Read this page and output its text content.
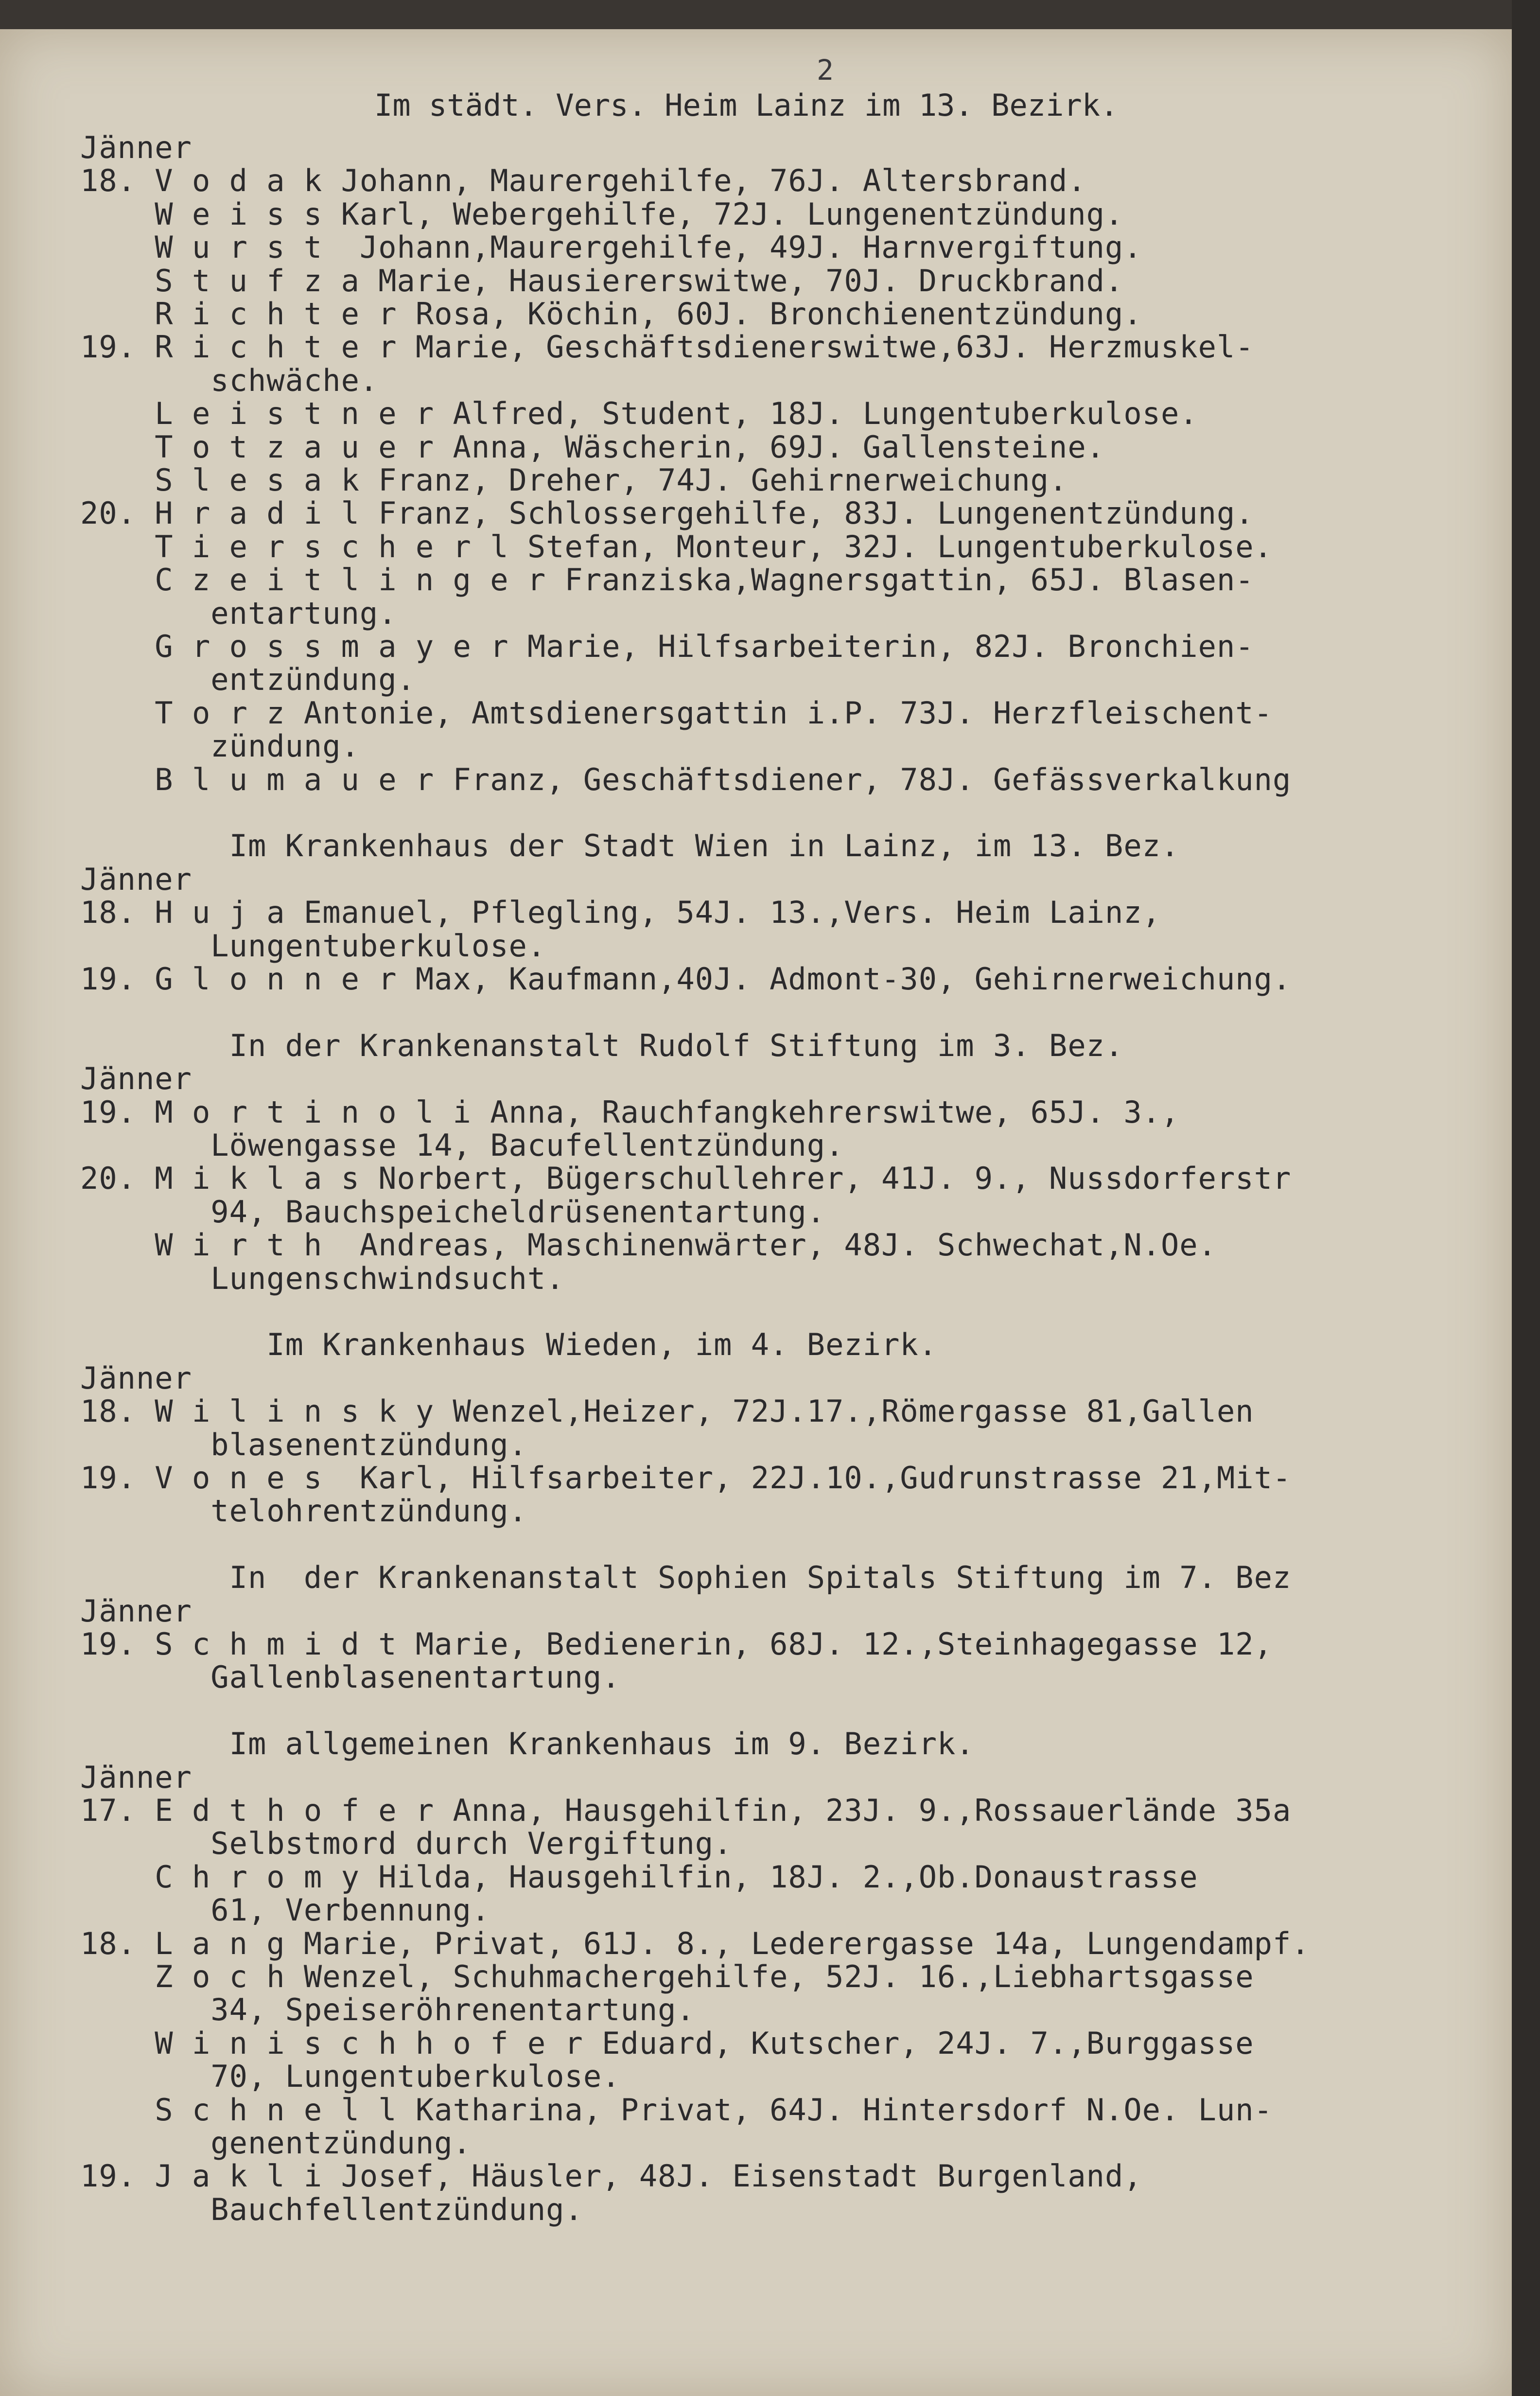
2
Im städt. Vers. Heim Lainz im 13. Bezirk.
Jänner
18. V o d a k Johann, Maurergehilfe, 76J. Altersbrand.
W e i s s Karl, Webergehilfe, 72J. Lungenentzündung.
W u r s t  Johann,Maurergehilfe, 49J. Harnvergiftung.
S t u f z a Marie, Hausiererswitwe, 70J. Druckbrand.
R i c h t e r Rosa, Köchin, 60J. Bronchienentzündung.
19. R i c h t e r Marie, Geschäftsdienerswitwe,63J. Herzmuskel-
schwäche.
L e i s t n e r Alfred, Student, 18J. Lungentuberkulose.
T o t z a u e r Anna, Wäscherin, 69J. Gallensteine.
S l e s a k Franz, Dreher, 74J. Gehirnerweichung.
20. H r a d i l Franz, Schlossergehilfe, 83J. Lungenentzündung.
T i e r s c h e r l Stefan, Monteur, 32J. Lungentuberkulose.
C z e i t l i n g e r Franziska,Wagnersgattin, 65J. Blasen-
entartung.
G r o s s m a y e r Marie, Hilfsarbeiterin, 82J. Bronchien-
entzündung.
T o r z Antonie, Amtsdienersgattin i.P. 73J. Herzfleischent-
zündung.
B l u m a u e r Franz, Geschäftsdiener, 78J. Gefässverkalkung
Im Krankenhaus der Stadt Wien in Lainz, im 13. Bez.
Jänner
18. H u j a Emanuel, Pflegling, 54J. 13.,Vers. Heim Lainz,
Lungentuberkulose.
19. G l o n n e r Max, Kaufmann,40J. Admont-30, Gehirnerweichung.
In der Krankenanstalt Rudolf Stiftung im 3. Bez.
Jänner
19. M o r t i n o l i Anna, Rauchfangkehrerswitwe, 65J. 3.,
Löwengasse 14, Bacufellentzündung.
20. M i k l a s Norbert, Bügerschullehrer, 41J. 9., Nussdorferstr
94, Bauchspeicheldrüsenentartung.
W i r t h  Andreas, Maschinenwärter, 48J. Schwechat,N.Oe.
Lungenschwindsucht.
Im Krankenhaus Wieden, im 4. Bezirk.
Jänner
18. W i l i n s k y Wenzel,Heizer, 72J.17.,Römergasse 81,Gallen
blasenentzündung.
19. V o n e s  Karl, Hilfsarbeiter, 22J.10.,Gudrunstrasse 21,Mit-
telohrentzündung.
In  der Krankenanstalt Sophien Spitals Stiftung im 7. Bez
Jänner
19. S c h m i d t Marie, Bedienerin, 68J. 12.,Steinhagegasse 12,
Gallenblasenentartung.
Im allgemeinen Krankenhaus im 9. Bezirk.
Jänner
17. E d t h o f e r Anna, Hausgehilfin, 23J. 9.,Rossauerlände 35a
Selbstmord durch Vergiftung.
C h r o m y Hilda, Hausgehilfin, 18J. 2.,Ob.Donaustrasse
61, Verbennung.
18. L a n g Marie, Privat, 61J. 8., Lederergasse 14a, Lungendampf.
Z o c h Wenzel, Schuhmachergehilfe, 52J. 16.,Liebhartsgasse
34, Speiseröhrenentartung.
W i n i s c h h o f e r Eduard, Kutscher, 24J. 7.,Burggasse
70, Lungentuberkulose.
S c h n e l l Katharina, Privat, 64J. Hintersdorf N.Oe. Lun-
genentzündung.
19. J a k l i Josef, Häusler, 48J. Eisenstadt Burgenland,
Bauchfellentzündung.
